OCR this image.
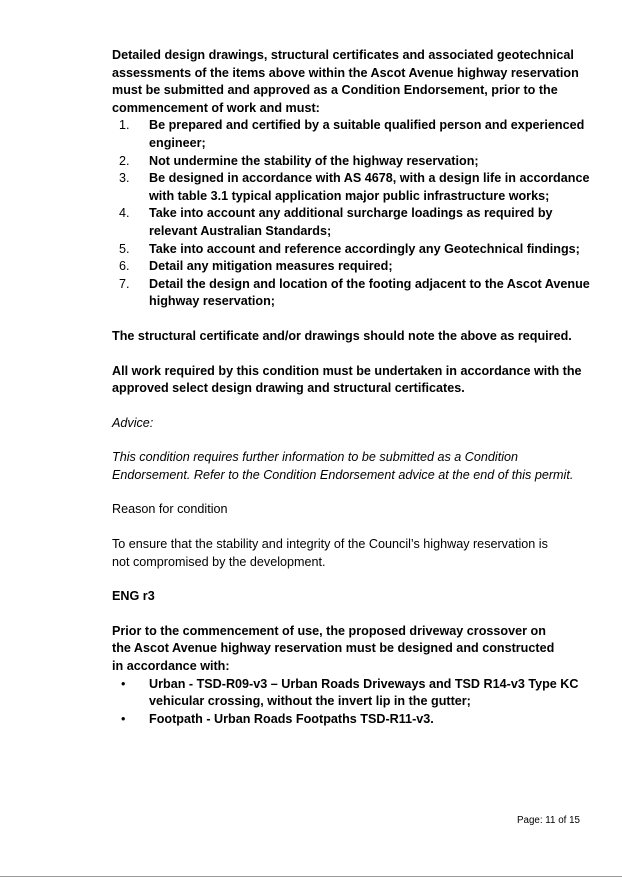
Detailed design drawings, structural certificates and associated geotechnical assessments of the items above within the Ascot Avenue highway reservation must be submitted and approved as a Condition Endorsement, prior to the commencement of work and must:

1. Be prepared and certified by a suitable qualified person and experienced engineer;
2. Not undermine the stability of the highway reservation;
3. Be designed in accordance with AS 4678, with a design life in accordance with table 3.1 typical application major public infrastructure works;
4. Take into account any additional surcharge loadings as required by relevant Australian Standards;
5. Take into account and reference accordingly any Geotechnical findings;
6. Detail any mitigation measures required;
7. Detail the design and location of the footing adjacent to the Ascot Avenue highway reservation;

The structural certificate and/or drawings should note the above as required.

All work required by this condition must be undertaken in accordance with the approved select design drawing and structural certificates.

Advice:

This condition requires further information to be submitted as a Condition Endorsement. Refer to the Condition Endorsement advice at the end of this permit.

Reason for condition

To ensure that the stability and integrity of the Council’s highway reservation is not compromised by the development.

ENG r3

Prior to the commencement of use, the proposed driveway crossover on the Ascot Avenue highway reservation must be designed and constructed in accordance with:

• Urban - TSD-R09-v3 – Urban Roads Driveways and TSD R14-v3 Type KC vehicular crossing, without the invert lip in the gutter;
• Footpath - Urban Roads Footpaths TSD-R11-v3.
Page: 11 of 15
